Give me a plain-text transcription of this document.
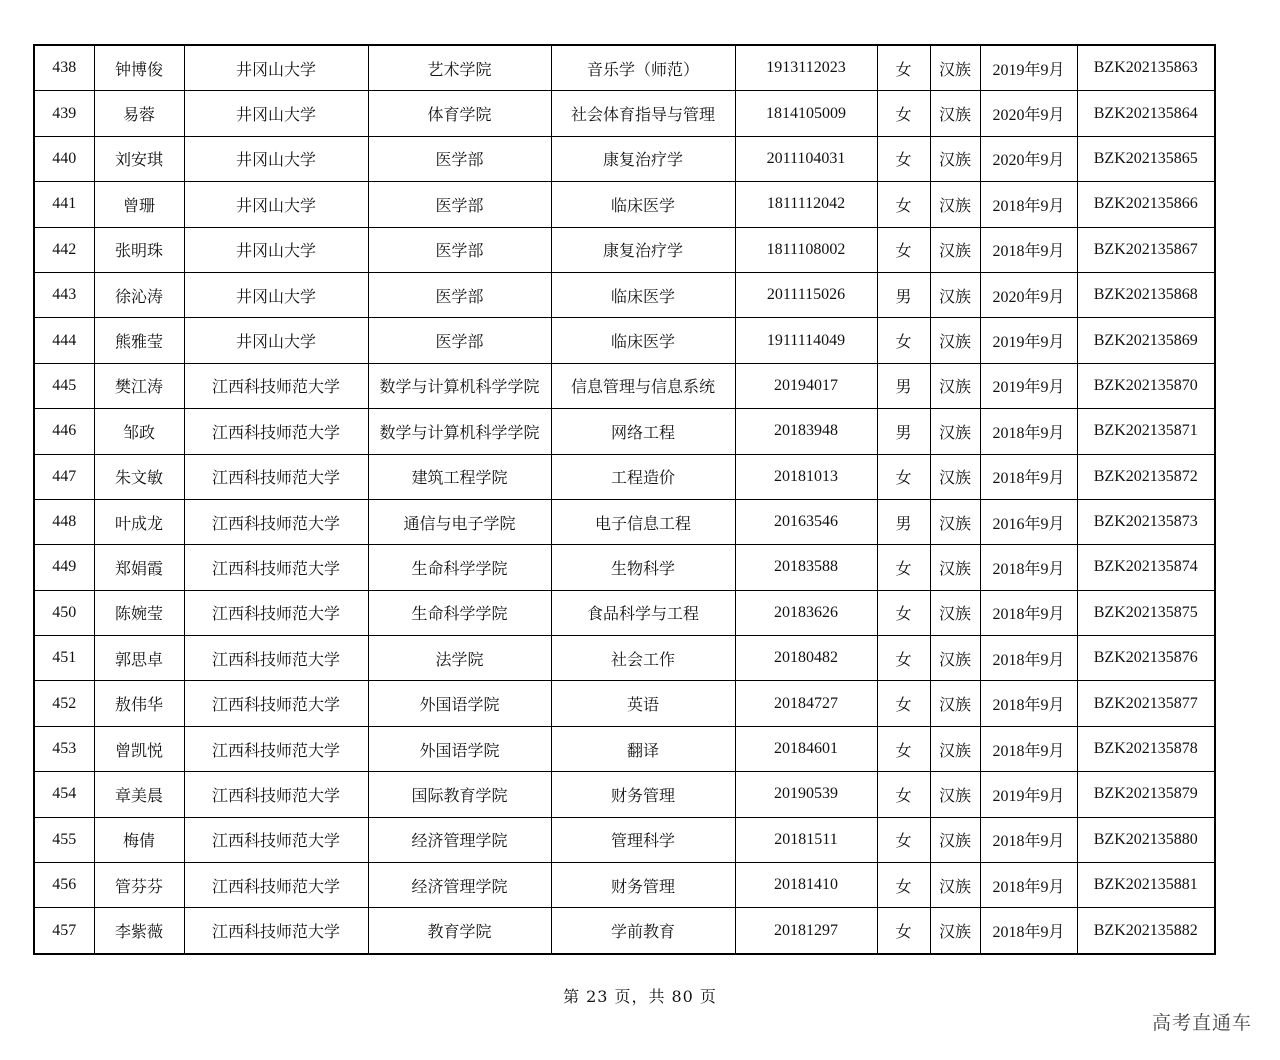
438	钟博俊	井冈山大学	艺术学院	音乐学（师范）	1913112023	女	汉族	2019年9月	BZK202135863
439	易蓉	井冈山大学	体育学院	社会体育指导与管理	1814105009	女	汉族	2020年9月	BZK202135864
440	刘安琪	井冈山大学	医学部	康复治疗学	2011104031	女	汉族	2020年9月	BZK202135865
441	曾珊	井冈山大学	医学部	临床医学	1811112042	女	汉族	2018年9月	BZK202135866
442	张明珠	井冈山大学	医学部	康复治疗学	1811108002	女	汉族	2018年9月	BZK202135867
443	徐沁涛	井冈山大学	医学部	临床医学	2011115026	男	汉族	2020年9月	BZK202135868
444	熊雅莹	井冈山大学	医学部	临床医学	1911114049	女	汉族	2019年9月	BZK202135869
445	樊江涛	江西科技师范大学	数学与计算机科学学院	信息管理与信息系统	20194017	男	汉族	2019年9月	BZK202135870
446	邹政	江西科技师范大学	数学与计算机科学学院	网络工程	20183948	男	汉族	2018年9月	BZK202135871
447	朱文敏	江西科技师范大学	建筑工程学院	工程造价	20181013	女	汉族	2018年9月	BZK202135872
448	叶成龙	江西科技师范大学	通信与电子学院	电子信息工程	20163546	男	汉族	2016年9月	BZK202135873
449	郑娟霞	江西科技师范大学	生命科学学院	生物科学	20183588	女	汉族	2018年9月	BZK202135874
450	陈婉莹	江西科技师范大学	生命科学学院	食品科学与工程	20183626	女	汉族	2018年9月	BZK202135875
451	郭思卓	江西科技师范大学	法学院	社会工作	20180482	女	汉族	2018年9月	BZK202135876
452	敖伟华	江西科技师范大学	外国语学院	英语	20184727	女	汉族	2018年9月	BZK202135877
453	曾凯悦	江西科技师范大学	外国语学院	翻译	20184601	女	汉族	2018年9月	BZK202135878
454	章美晨	江西科技师范大学	国际教育学院	财务管理	20190539	女	汉族	2019年9月	BZK202135879
455	梅倩	江西科技师范大学	经济管理学院	管理科学	20181511	女	汉族	2018年9月	BZK202135880
456	管芬芬	江西科技师范大学	经济管理学院	财务管理	20181410	女	汉族	2018年9月	BZK202135881
457	李紫薇	江西科技师范大学	教育学院	学前教育	20181297	女	汉族	2018年9月	BZK202135882
第 23 页，共 80 页
高考直通车
